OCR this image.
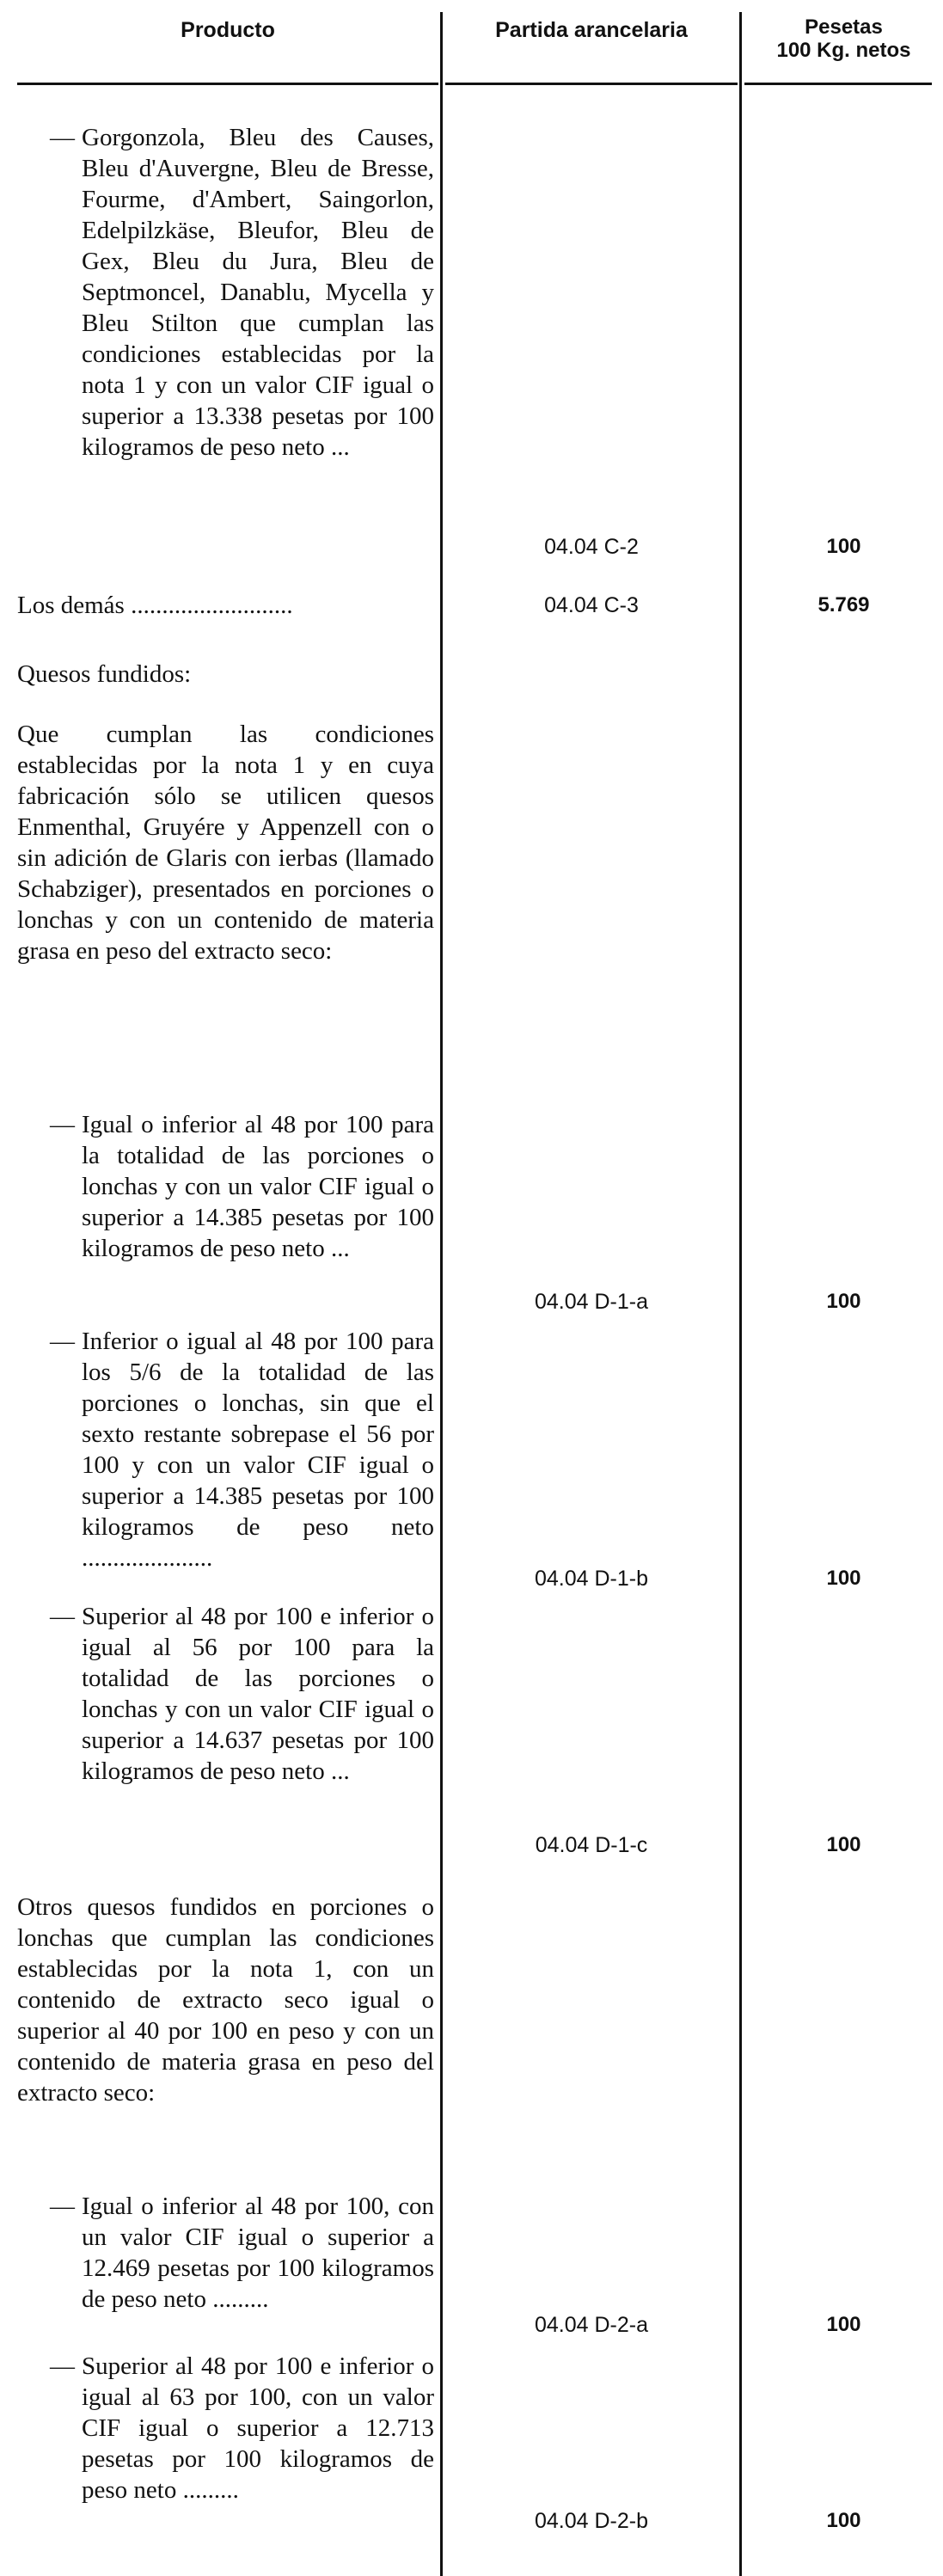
Producto	Partida arancelaria	Pesetas
100 Kg. netos
— Gorgonzola, Bleu des Causes, Bleu d'Auvergne, Bleu de Bresse, Fourme, d'Ambert, Saingorlon, Edelpilzkäse, Bleufor, Bleu de Gex, Bleu du Jura, Bleu de Septmoncel, Danablu, Mycella y Bleu Stilton que cumplan las condiciones establecidas por la nota 1 y con un valor CIF igual o superior a 13.338 pesetas por 100 kilogramos de peso neto ...
04.04 C-2	100
Los demás ..........................	04.04 C-3	5.769
Quesos fundidos:
Que cumplan las condiciones establecidas por la nota 1 y en cuya fabricación sólo se utilicen quesos Enmenthal, Gruyére y Appenzell con o sin adición de Glaris con ierbas (llamado Schabziger), presentados en porciones o lonchas y con un contenido de materia grasa en peso del extracto seco:
— Igual o inferior al 48 por 100 para la totalidad de las porciones o lonchas y con un valor CIF igual o superior a 14.385 pesetas por 100 kilogramos de peso neto ...
04.04 D-1-a	100
— Inferior o igual al 48 por 100 para los 5/6 de la totalidad de las porciones o lonchas, sin que el sexto restante sobrepase el 56 por 100 y con un valor CIF igual o superior a 14.385 pesetas por 100 kilogramos de peso neto .....................
04.04 D-1-b	100
— Superior al 48 por 100 e inferior o igual al 56 por 100 para la totalidad de las porciones o lonchas y con un valor CIF igual o superior a 14.637 pesetas por 100 kilogramos de peso neto ...
04.04 D-1-c	100
Otros quesos fundidos en porciones o lonchas que cumplan las condiciones establecidas por la nota 1, con un contenido de extracto seco igual o superior al 40 por 100 en peso y con un contenido de materia grasa en peso del extracto seco:
— Igual o inferior al 48 por 100, con un valor CIF igual o superior a 12.469 pesetas por 100 kilogramos de peso neto .........
04.04 D-2-a	100
— Superior al 48 por 100 e inferior o igual al 63 por 100, con un valor CIF igual o superior a 12.713 pesetas por 100 kilogramos de peso neto .........
04.04 D-2-b	100
